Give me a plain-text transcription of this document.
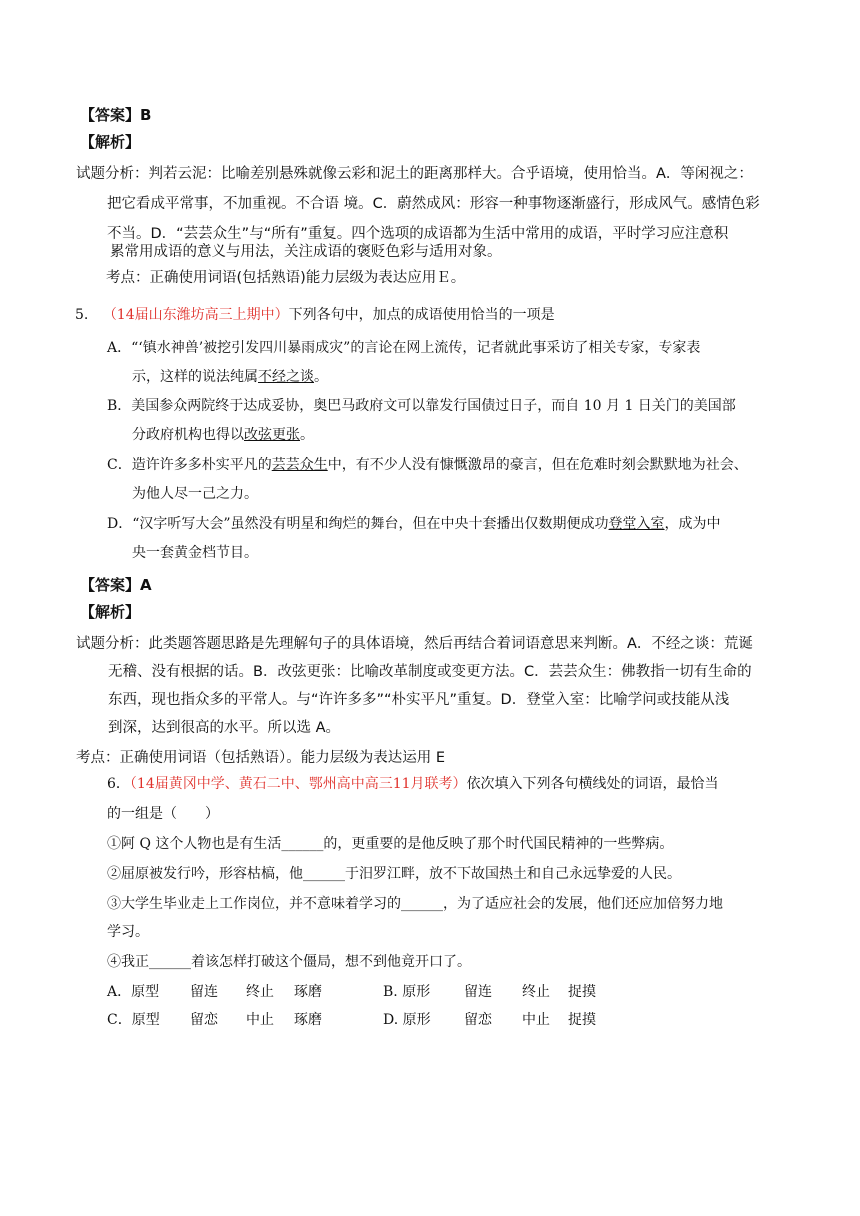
【答案】B
【解析】
试题分析：判若云泥：比喻差别悬殊就像云彩和泥土的距离那样大。合乎语境，使用恰当。A．等闲视之：
把它看成平常事，不加重视。不合语 境。C．蔚然成风：形容一种事物逐渐盛行，形成风气。感情色彩
不当。D．“芸芸众生”与“所有”重复。四个选项的成语都为生活中常用的成语，平时学习应注意积
累常用成语的意义与用法，关注成语的褒贬色彩与适用对象。
考点：正确使用词语(包括熟语)能力层级为表达应用Ｅ。
5. （14届山东潍坊高三上期中）下列各句中，加点的成语使用恰当的一项是
A．“‘镇水神兽’被挖引发四川暴雨成灾”的言论在网上流传，记者就此事采访了相关专家，专家表
示，这样的说法纯属不经之谈。
B．美国参众两院终于达成妥协，奥巴马政府文可以靠发行国债过日子，而自 10 月 1 日关门的美国部
分政府机构也得以改弦更张。
C．造许许多多朴实平凡的芸芸众生中，有不少人没有慷慨激昂的豪言，但在危难时刻会默默地为社会、
为他人尽一己之力。
D．“汉字听写大会”虽然没有明星和绚烂的舞台，但在中央十套播出仅数期便成功登堂入室，成为中
央一套黄金档节目。
【答案】A
【解析】
试题分析：此类题答题思路是先理解句子的具体语境，然后再结合着词语意思来判断。A．不经之谈：荒诞
无稽、没有根据的话。B．改弦更张：比喻改革制度或变更方法。C．芸芸众生：佛教指一切有生命的
东西，现也指众多的平常人。与“许许多多”“朴实平凡”重复。D．登堂入室：比喻学问或技能从浅
到深，达到很高的水平。所以选 A。
考点：正确使用词语（包括熟语）。能力层级为表达运用 E
6．（14届黄冈中学、黄石二中、鄂州高中高三11月联考）依次填入下列各句横线处的词语，最恰当
的一组是（　　）
①阿 Q 这个人物也是有生活______的，更重要的是他反映了那个时代国民精神的一些弊病。
②屈原被发行吟，形容枯槁，他______于汨罗江畔，放不下故国热土和自己永远挚爱的人民。
③大学生毕业走上工作岗位，并不意味着学习的______，为了适应社会的发展，他们还应加倍努力地
学习。
④我正______着该怎样打破这个僵局，想不到他竟开口了。
A．原型 留连 终止 琢磨	B. 原形 留连 终止 捉摸
C．原型 留恋 中止 琢磨	D. 原形 留恋 中止 捉摸
